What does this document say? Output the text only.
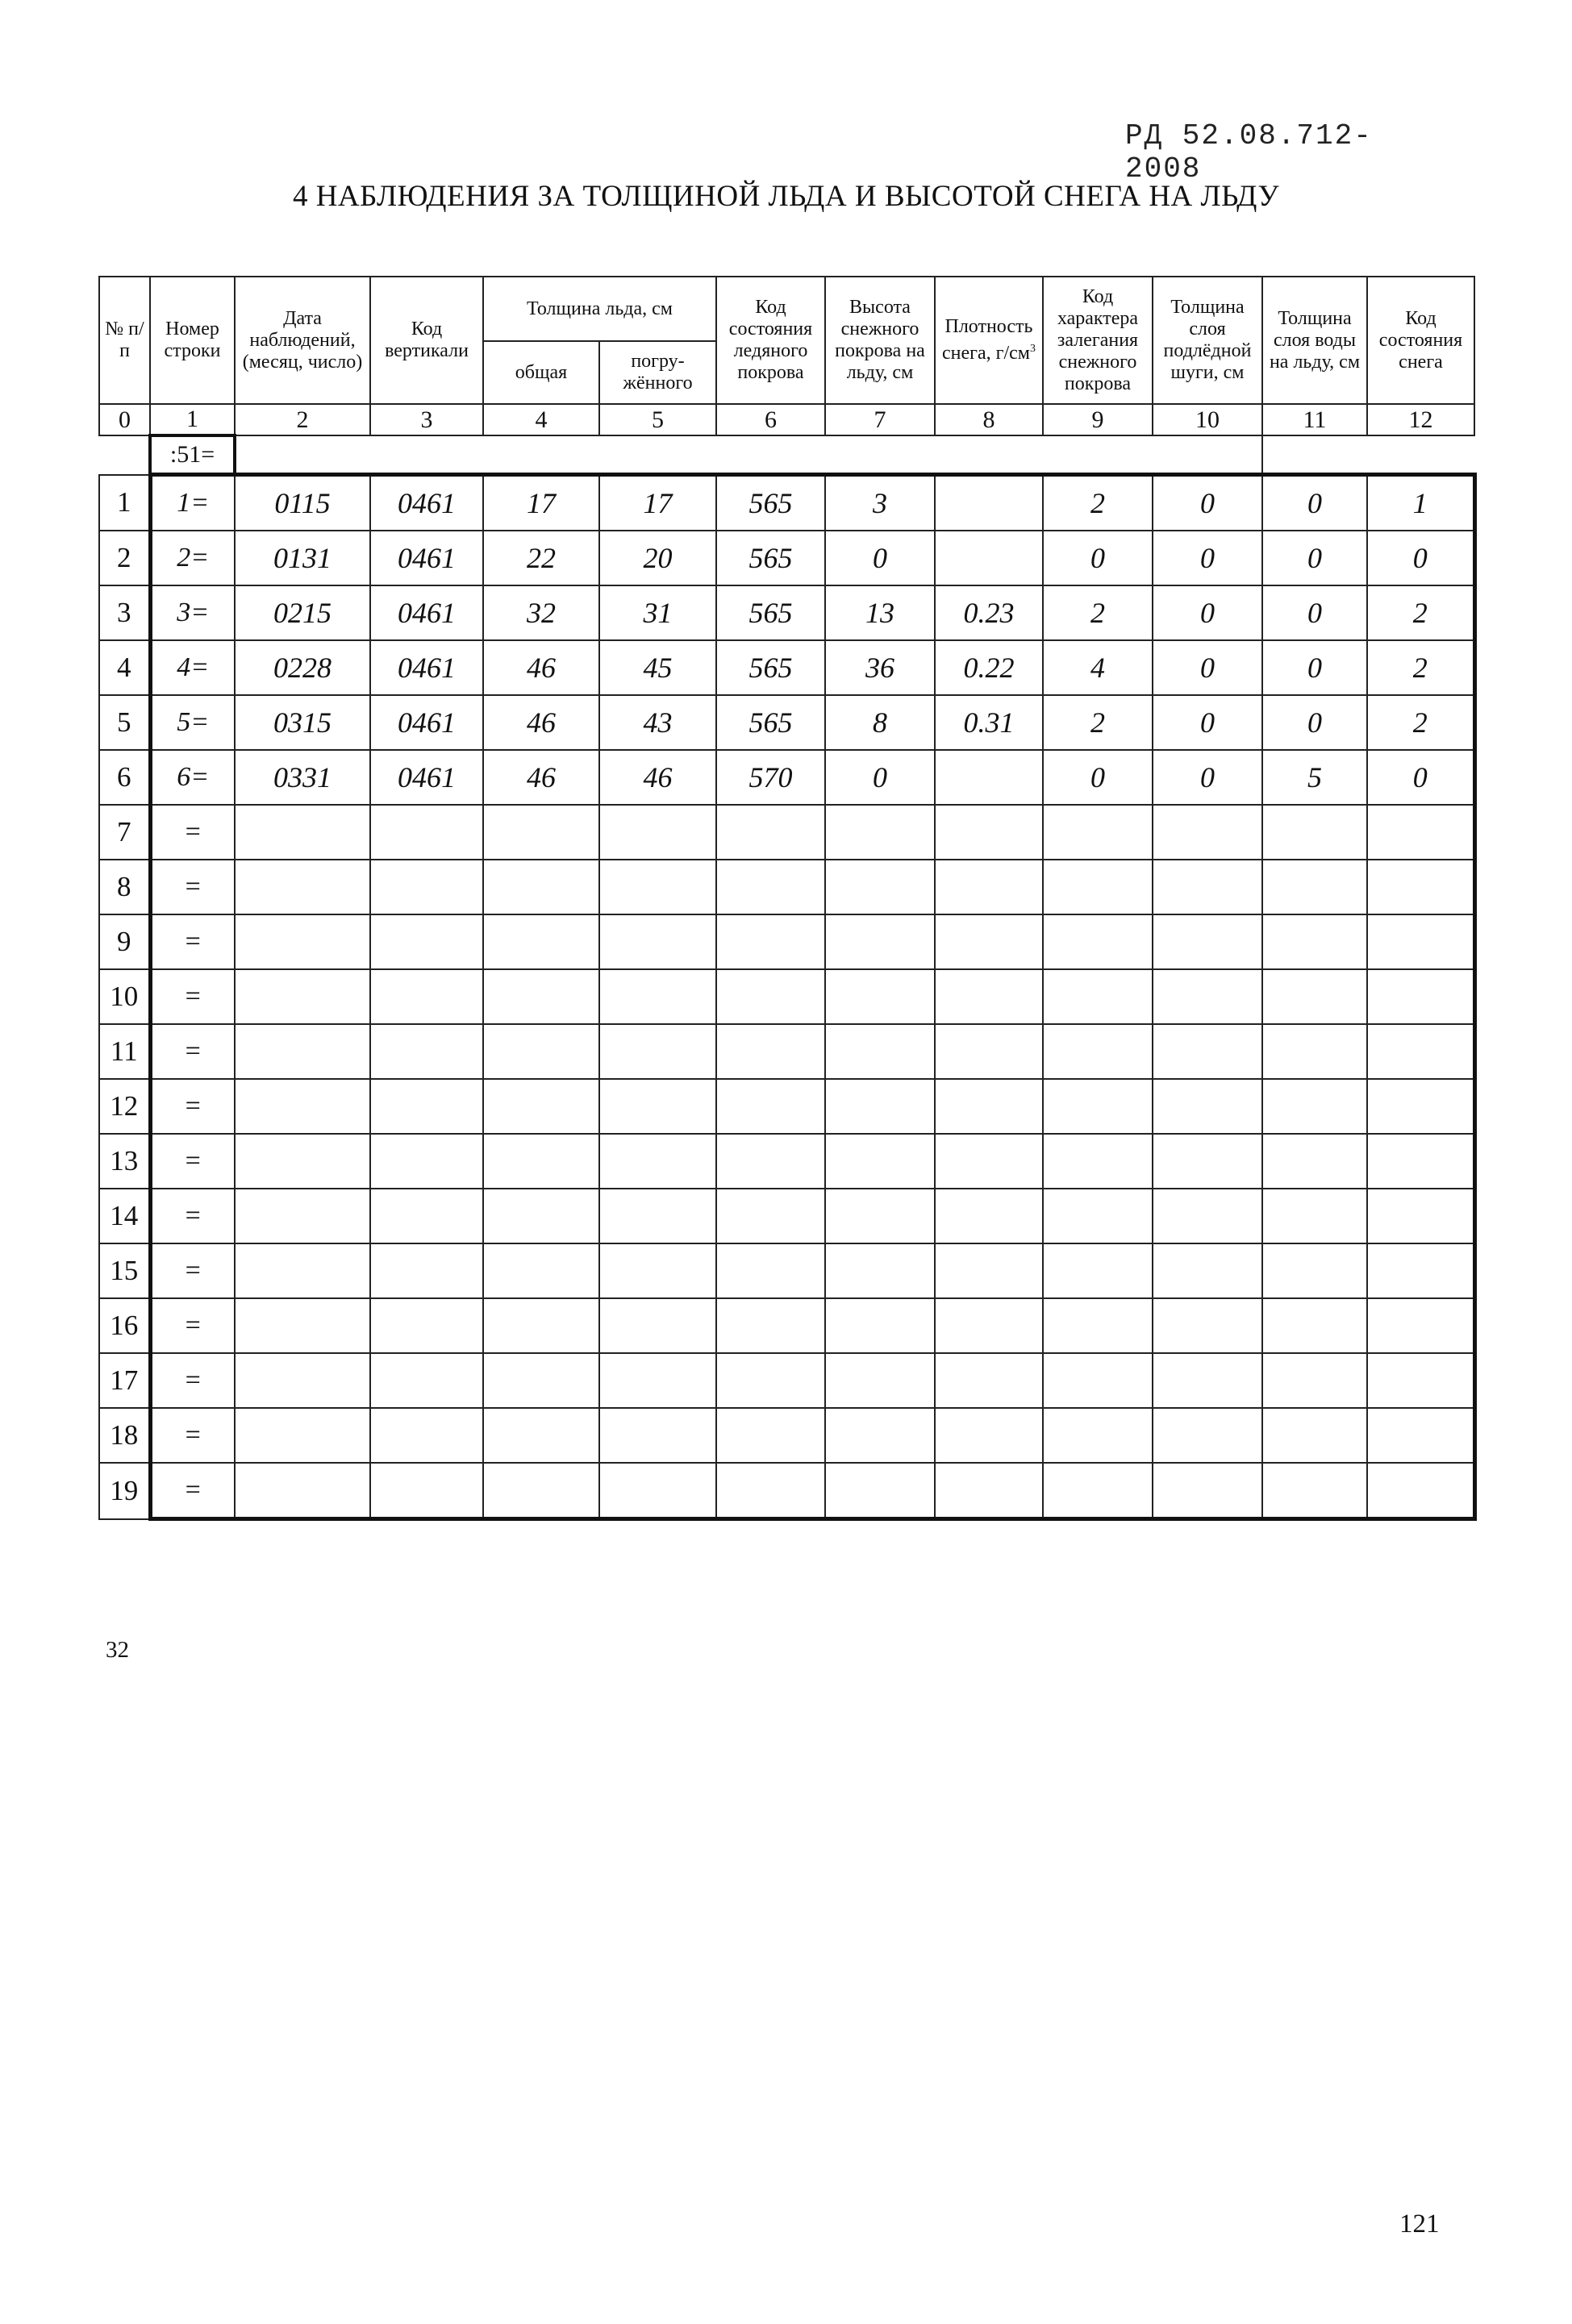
РД 52.08.712-2008
4 НАБЛЮДЕНИЯ ЗА ТОЛЩИНОЙ ЛЬДА И ВЫСОТОЙ СНЕГА НА ЛЬДУ
№ п/п	Номер строки	Дата наблюдений, (месяц, число)	Код вертикали	Толщина льда, см		Код состояния ледяного покрова	Высота снежного покрова на льду, см	Плотность снега, $г/см^3$	Код характера залегания снежного покрова	Толщина слоя подлёдной шуги, см	Толщина слоя воды на льду, см	Код состояния снега
				общая	погру-жённого							
0	1	2	3	4	5	6	7	8	9	10	11	12
	:51=											
1	1=	0115	0461	17	17	565	3		2	0	0	1
2	2=	0131	0461	22	20	565	0		0	0	0	0
3	3=	0215	0461	32	31	565	13	0.23	2	0	0	2
4	4=	0228	0461	46	45	565	36	0.22	4	0	0	2
5	5=	0315	0461	46	43	565	8	0.31	2	0	0	2
6	6=	0331	0461	46	46	570	0		0	0	5	0
7	=											
8	=											
9	=											
10	=											
11	=											
12	=											
13	=											
14	=											
15	=											
16	=											
17	=											
18	=											
19	=											
32
121
